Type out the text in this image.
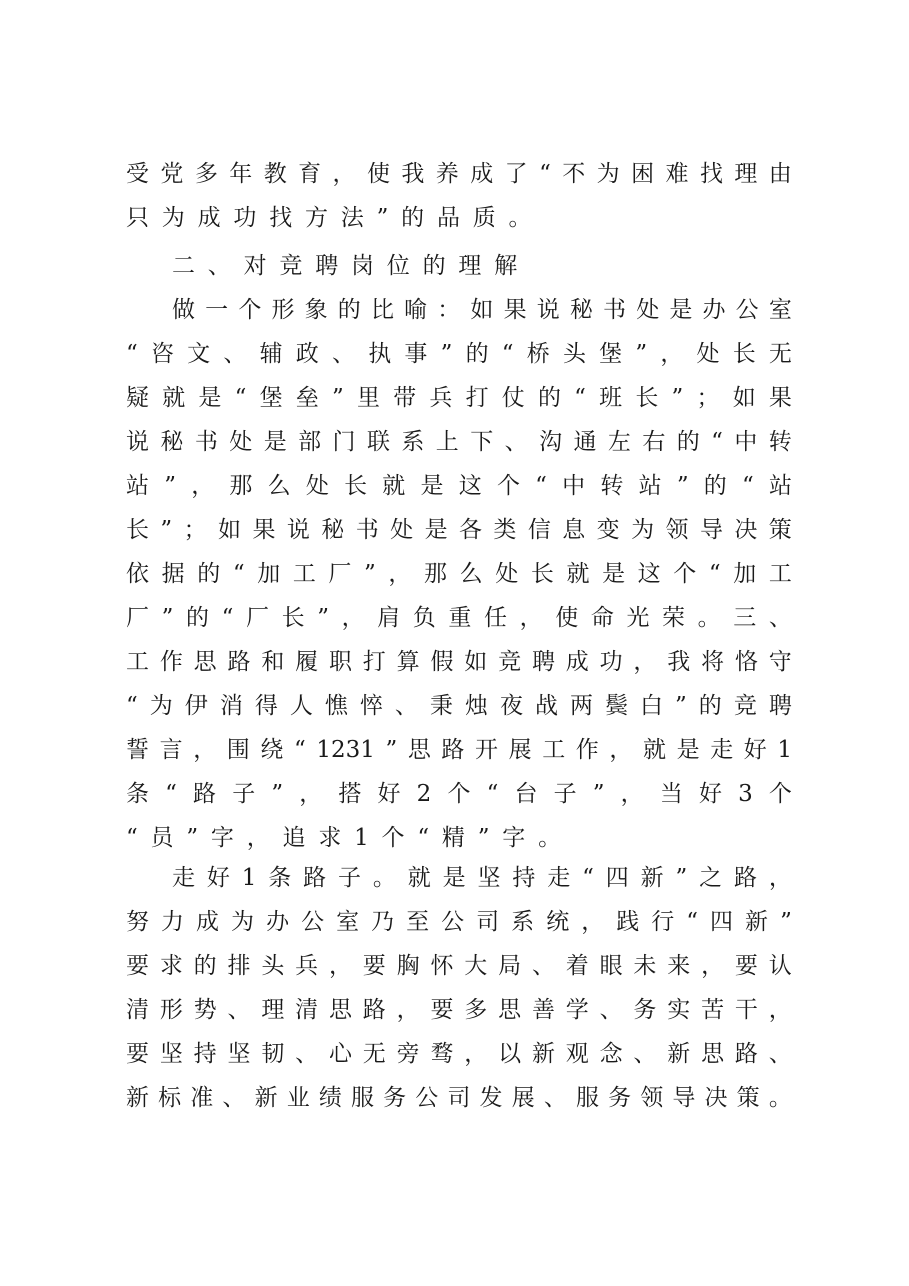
受 党 多 年 教 育 ， 使 我 养 成 了 “ 不 为 困 难 找 理 由
只为成功找方法”的品质。
二、对竞聘岗位的理解
做 一 个 形 象 的 比 喻 ： 如 果 说 秘 书 处 是 办 公 室
“ 咨 文 、 辅 政 、 执 事 ” 的 “ 桥 头 堡 ” ， 处 长 无
疑 就 是 “ 堡 垒 ” 里 带 兵 打 仗 的 “ 班 长 ” ； 如 果
说 秘 书 处 是 部 门 联 系 上 下 、 沟 通 左 右 的 “ 中 转
站 ” ， 那 么 处 长 就 是 这 个 “ 中 转 站 ” 的 “ 站
长 ” ； 如 果 说 秘 书 处 是 各 类 信 息 变 为 领 导 决 策
依 据 的 “ 加 工 厂 ” ， 那 么 处 长 就 是 这 个 “ 加 工
厂 ” 的 “ 厂 长 ” ， 肩 负 重 任 ， 使 命 光 荣 。 三 、
工 作 思 路 和 履 职 打 算 假 如 竞 聘 成 功 ， 我 将 恪 守
“ 为 伊 消 得 人 憔 悴 、 秉 烛 夜 战 两 鬓 白 ” 的 竞 聘
誓 言 ， 围 绕 “ 1231 ” 思 路 开 展 工 作 ， 就 是 走 好 1
条 “ 路 子 ” ， 搭 好 2 个 “ 台 子 ” ， 当 好 3 个
“员”字，追求1个“精”字。
走 好 1 条 路 子 。 就 是 坚 持 走 “ 四 新 ” 之 路 ，
努 力 成 为 办 公 室 乃 至 公 司 系 统 ， 践 行 “ 四 新 ”
要 求 的 排 头 兵 ， 要 胸 怀 大 局 、 着 眼 未 来 ， 要 认
清 形 势 、 理 清 思 路 ， 要 多 思 善 学 、 务 实 苦 干 ，
要 坚 持 坚 韧 、 心 无 旁 骛 ， 以 新 观 念 、 新 思 路 、
新 标 准 、 新 业 绩 服 务 公 司 发 展 、 服 务 领 导 决 策 。
